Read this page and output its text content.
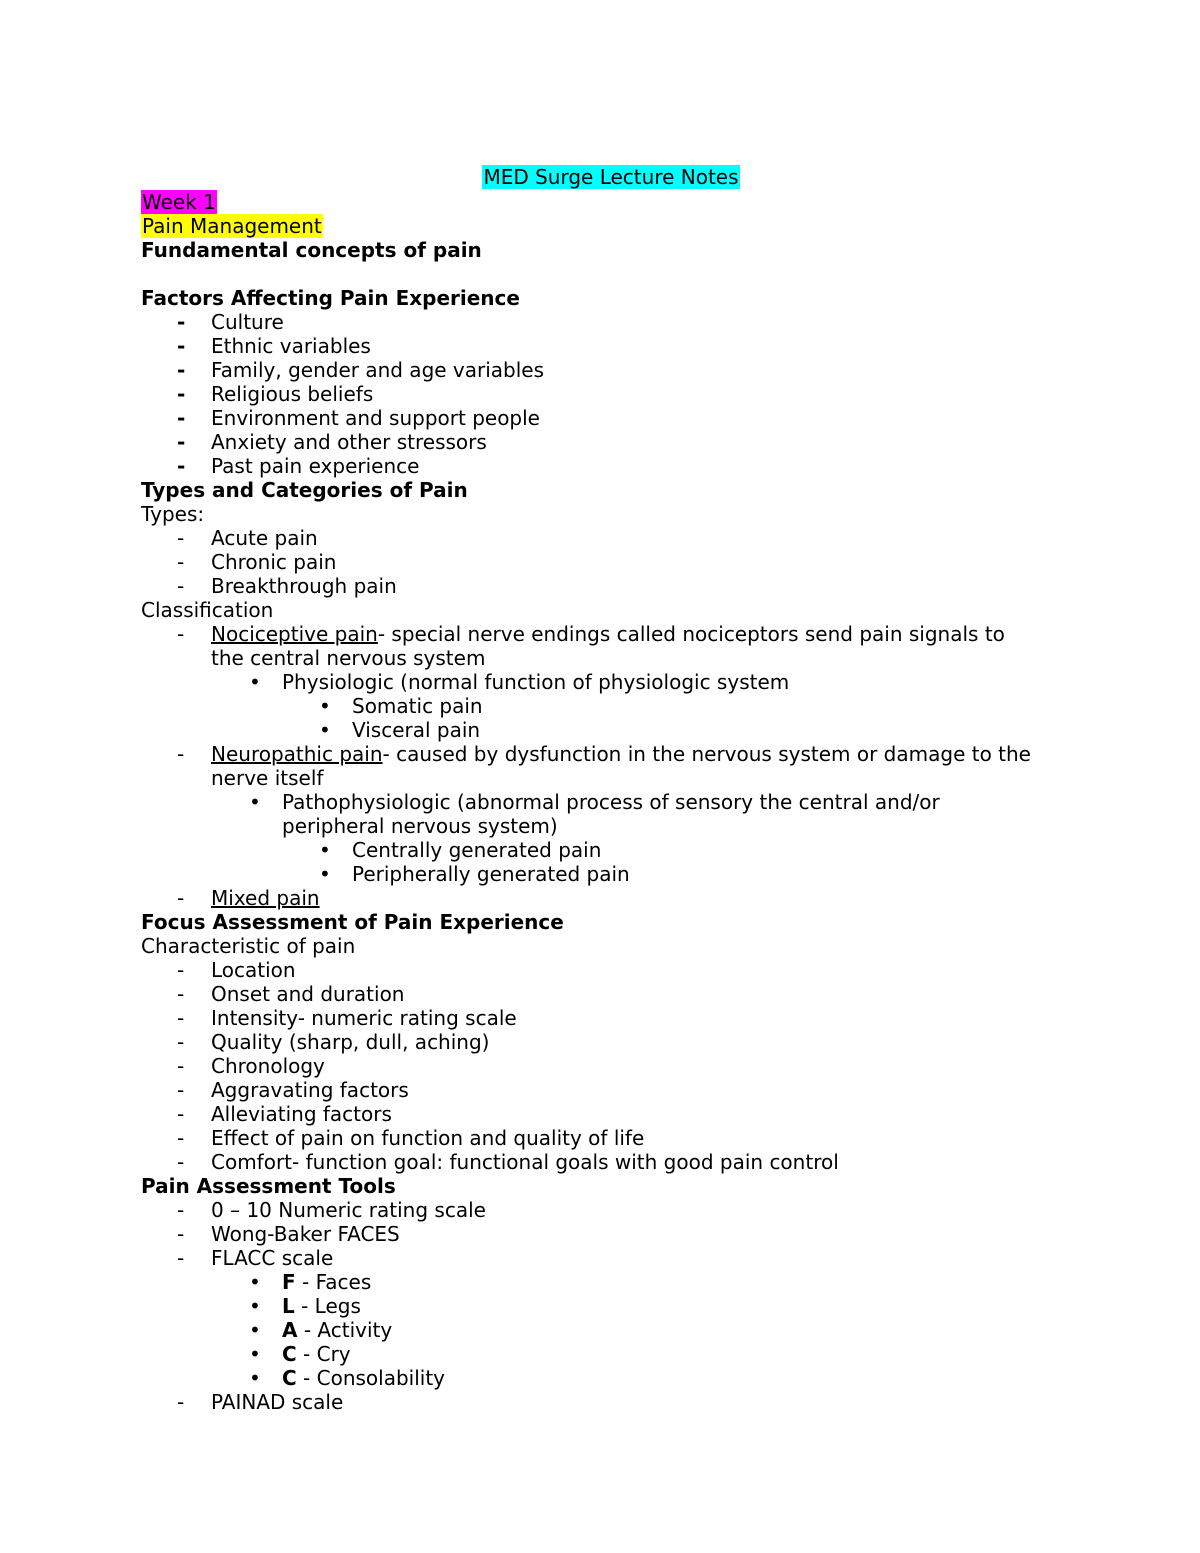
MED Surge Lecture Notes
Week 1
Pain Management
Fundamental concepts of pain
Factors Affecting Pain Experience
- Culture
- Ethnic variables
- Family, gender and age variables
- Religious beliefs
- Environment and support people
- Anxiety and other stressors
- Past pain experience
Types and Categories of Pain
Types:
- Acute pain
- Chronic pain
- Breakthrough pain
Classification
- Nociceptive pain- special nerve endings called nociceptors send pain signals to
the central nervous system
• Physiologic (normal function of physiologic system
• Somatic pain
• Visceral pain
- Neuropathic pain- caused by dysfunction in the nervous system or damage to the
nerve itself
• Pathophysiologic (abnormal process of sensory the central and/or
peripheral nervous system)
• Centrally generated pain
• Peripherally generated pain
- Mixed pain
Focus Assessment of Pain Experience
Characteristic of pain
- Location
- Onset and duration
- Intensity- numeric rating scale
- Quality (sharp, dull, aching)
- Chronology
- Aggravating factors
- Alleviating factors
- Effect of pain on function and quality of life
- Comfort- function goal: functional goals with good pain control
Pain Assessment Tools
- 0 – 10 Numeric rating scale
- Wong-Baker FACES
- FLACC scale
• F - Faces
• L - Legs
• A - Activity
• C - Cry
• C - Consolability
- PAINAD scale
